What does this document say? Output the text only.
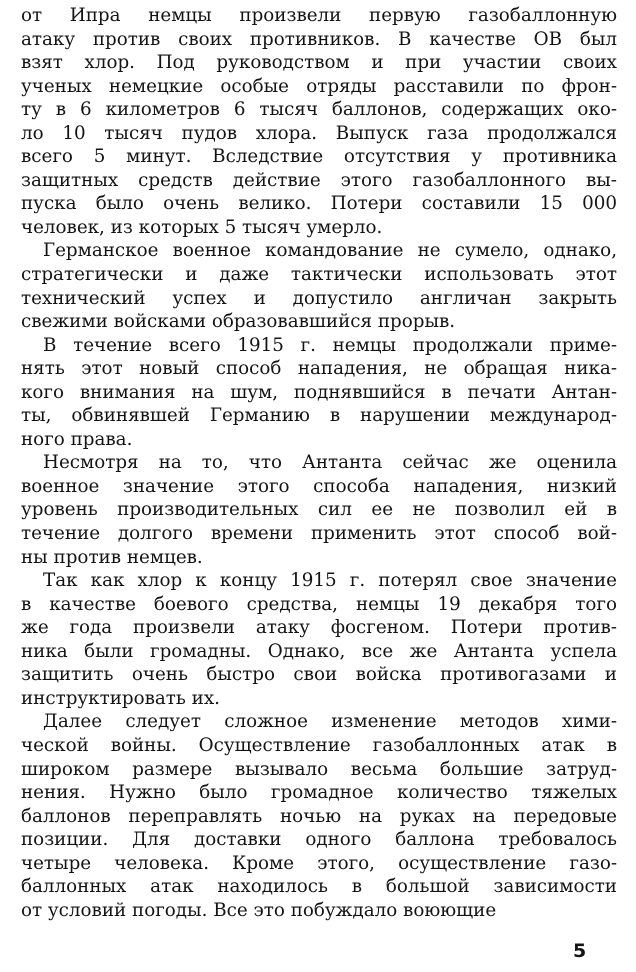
от Ипра немцы произвели первую газобаллонную
атаку против своих противников. В качестве ОВ был
взят хлор. Под руководством и при участии своих
ученых немецкие особые отряды расставили по фрон-
ту в 6 километров 6 тысяч баллонов, содержащих око-
ло 10 тысяч пудов хлора. Выпуск газа продолжался
всего 5 минут. Вследствие отсутствия у противника
защитных средств действие этого газобаллонного вы-
пуска было очень велико. Потери составили 15 000
человек, из которых 5 тысяч умерло.
Германское военное командование не сумело, однако,
стратегически и даже тактически использовать этот
технический успех и допустило англичан закрыть
свежими войсками образовавшийся прорыв.
В течение всего 1915 г. немцы продолжали приме-
нять этот новый способ нападения, не обращая ника-
кого внимания на шум, поднявшийся в печати Антан-
ты, обвинявшей Германию в нарушении международ-
ного права.
Несмотря на то, что Антанта сейчас же оценила
военное значение этого способа нападения, низкий
уровень производительных сил ее не позволил ей в
течение долгого времени применить этот способ вой-
ны против немцев.
Так как хлор к концу 1915 г. потерял свое значение
в качестве боевого средства, немцы 19 декабря того
же года произвели атаку фосгеном. Потери против-
ника были громадны. Однако, все же Антанта успела
защитить очень быстро свои войска противогазами и
инструктировать их.
Далее следует сложное изменение методов хими-
ческой войны. Осуществление газобаллонных атак в
широком размере вызывало весьма большие затруд-
нения. Нужно было громадное количество тяжелых
баллонов переправлять ночью на руках на передовые
позиции. Для доставки одного баллона требовалось
четыре человека. Кроме этого, осуществление газо-
баллонных атак находилось в большой зависимости
от условий погоды. Все это побуждало воюющие
5
